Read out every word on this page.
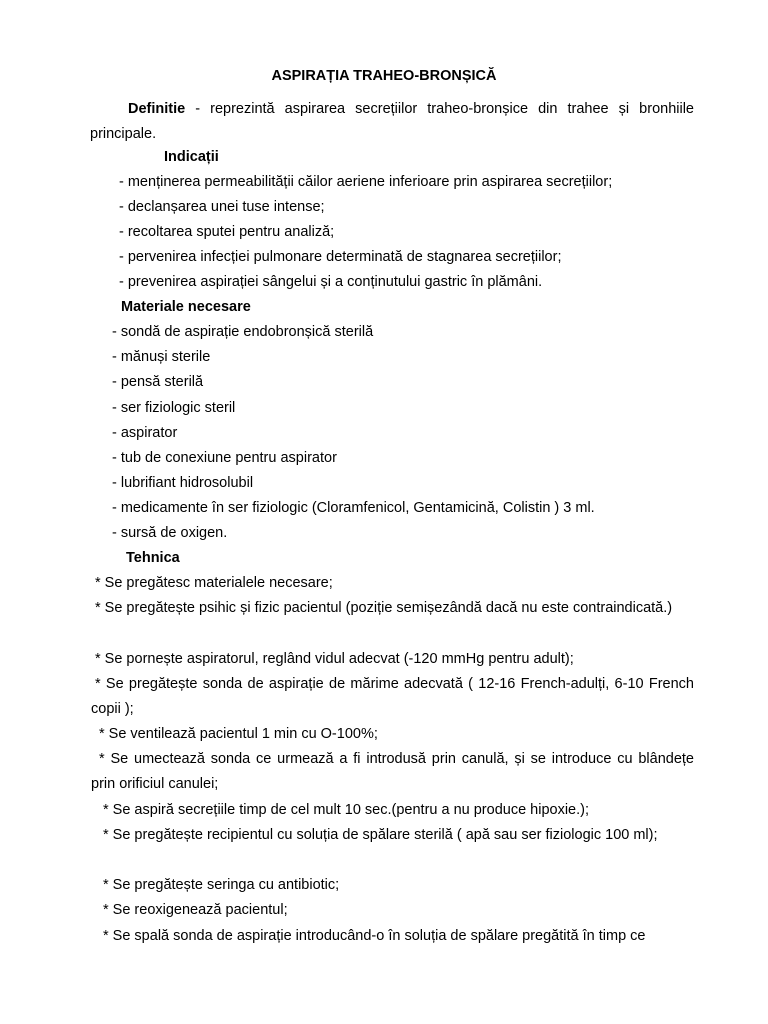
ASPIRAȚIA TRAHEO-BRONȘICĂ
Definitie - reprezintă aspirarea secrețiilor traheo-bronșice din trahee și bronhiile principale.
Indicații
- menținerea permeabilității căilor aeriene inferioare prin aspirarea secrețiilor;
- declanșarea unei tuse intense;
- recoltarea sputei pentru analiză;
- pervenirea infecției pulmonare determinată de stagnarea secrețiilor;
- prevenirea aspirației sângelui și a conținutului gastric în plămâni.
Materiale necesare
- sondă de aspirație endobronșică sterilă
- mănuși sterile
- pensă sterilă
- ser fiziologic steril
- aspirator
- tub de conexiune pentru aspirator
- lubrifiant hidrosolubil
- medicamente în ser fiziologic (Cloramfenicol, Gentamicină, Colistin ) 3 ml.
- sursă de oxigen.
Tehnica
* Se pregătesc materialele necesare;
* Se pregătește psihic și fizic pacientul (poziție semișezândă dacă nu este contraindicată.)
* Se pornește aspiratorul, reglând vidul adecvat (-120 mmHg pentru adult);
* Se pregătește sonda de aspirație de mărime adecvată ( 12-16 French-adulți, 6-10 French copii );
* Se ventilează pacientul 1 min cu O-100%;
* Se umectează sonda ce urmează a fi introdusă prin canulă, și se introduce cu blândețe prin orificiul canulei;
* Se aspiră secrețiile timp de cel mult 10 sec.(pentru a nu produce hipoxie.);
* Se pregătește recipientul cu soluția de spălare sterilă ( apă sau ser fiziologic 100 ml);
* Se pregătește seringa cu antibiotic;
* Se reoxigenează pacientul;
* Se spală sonda de aspirație introducând-o în soluția de spălare pregătită în timp ce
